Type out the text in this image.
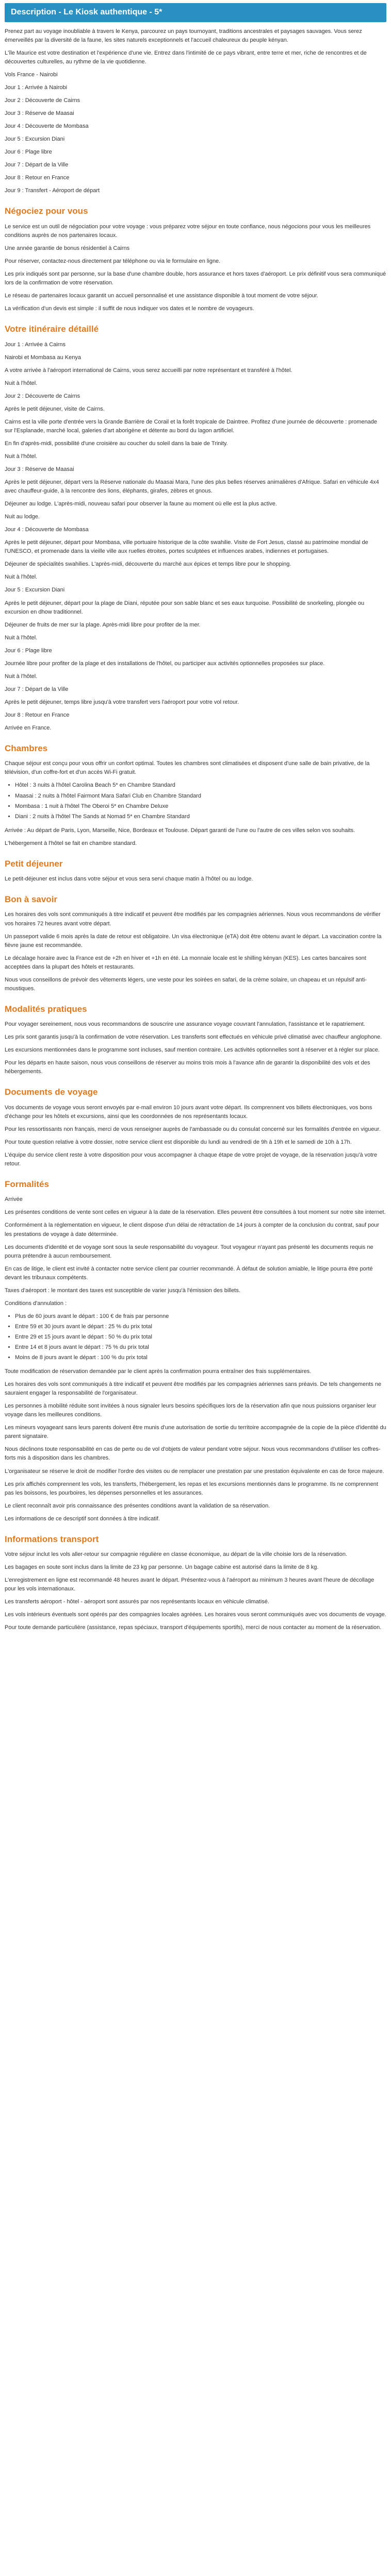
Description - Le Kiosk authentique - 5*

Prenez part au voyage inoubliable à travers le Kenya, parcourez un pays tournoyant, traditions ancestrales et paysages sauvages. Vous serez émerveillés par la diversité de la faune, les sites naturels exceptionnels et l'accueil chaleureux du peuple kényan.

L'île Maurice est votre destination et l'expérience d'une vie. Entrez dans l'intimité de ce pays vibrant, entre terre et mer, riche de rencontres et de découvertes culturelles, au rythme de la vie quotidienne.

Vols France - Nairobi

Jour 1 : Arrivée à Nairobi

Jour 2 : Découverte de Cairns

Jour 3 : Réserve de Maasai

Jour 4 : Découverte de Mombasa

Jour 5 : Excursion Diani

Jour 6 : Plage libre

Jour 7 : Départ de la Ville

Jour 8 : Retour en France

Jour 9 : Transfert - Aéroport de départ

Négociez pour vous

Le service est un outil de négociation pour votre voyage : vous préparez votre séjour en toute confiance, nous négocions pour vous les meilleures conditions auprès de nos partenaires locaux.

Une année garantie de bonus résidentiel à Cairns

Pour réserver, contactez-nous directement par téléphone ou via le formulaire en ligne.

Les prix indiqués sont par personne, sur la base d'une chambre double, hors assurance et hors taxes d'aéroport. Le prix définitif vous sera communiqué lors de la confirmation de votre réservation.

Le réseau de partenaires locaux garantit un accueil personnalisé et une assistance disponible à tout moment de votre séjour.

La vérification d'un devis est simple : il suffit de nous indiquer vos dates et le nombre de voyageurs.

Votre itinéraire détaillé

Jour 1 : Arrivée à Cairns

Nairobi et Mombasa au Kenya

A votre arrivée à l'aéroport international de Cairns, vous serez accueilli par notre représentant et transféré à l'hôtel.

Nuit à l'hôtel.

Jour 2 : Découverte de Cairns

Après le petit déjeuner, visite de Cairns.

Cairns est la ville porte d'entrée vers la Grande Barrière de Corail et la forêt tropicale de Daintree. Profitez d'une journée de découverte : promenade sur l'Esplanade, marché local, galeries d'art aborigène et détente au bord du lagon artificiel.

En fin d'après-midi, possibilité d'une croisière au coucher du soleil dans la baie de Trinity.

Nuit à l'hôtel.

Jour 3 : Réserve de Maasai

Après le petit déjeuner, départ vers la Réserve nationale du Maasai Mara, l'une des plus belles réserves animalières d'Afrique. Safari en véhicule 4x4 avec chauffeur-guide, à la rencontre des lions, éléphants, girafes, zèbres et gnous.

Déjeuner au lodge. L'après-midi, nouveau safari pour observer la faune au moment où elle est la plus active.

Nuit au lodge.

Jour 4 : Découverte de Mombasa

Après le petit déjeuner, départ pour Mombasa, ville portuaire historique de la côte swahilie. Visite de Fort Jesus, classé au patrimoine mondial de l'UNESCO, et promenade dans la vieille ville aux ruelles étroites, portes sculptées et influences arabes, indiennes et portugaises.

Déjeuner de spécialités swahilies. L'après-midi, découverte du marché aux épices et temps libre pour le shopping.

Nuit à l'hôtel.

Jour 5 : Excursion Diani

Après le petit déjeuner, départ pour la plage de Diani, réputée pour son sable blanc et ses eaux turquoise. Possibilité de snorkeling, plongée ou excursion en dhow traditionnel.

Déjeuner de fruits de mer sur la plage. Après-midi libre pour profiter de la mer.

Nuit à l'hôtel.

Jour 6 : Plage libre

Journée libre pour profiter de la plage et des installations de l'hôtel, ou participer aux activités optionnelles proposées sur place.

Nuit à l'hôtel.

Jour 7 : Départ de la Ville

Après le petit déjeuner, temps libre jusqu'à votre transfert vers l'aéroport pour votre vol retour.

Jour 8 : Retour en France

Arrivée en France.

Chambres

Chaque séjour est conçu pour vous offrir un confort optimal. Toutes les chambres sont climatisées et disposent d'une salle de bain privative, de la télévision, d'un coffre-fort et d'un accès Wi-Fi gratuit.

• Hôtel : 3 nuits à l'hôtel Carolina Beach 5* en Chambre Standard
• Maasai : 2 nuits à l'hôtel Fairmont Mara Safari Club en Chambre Standard
• Mombasa : 1 nuit à l'hôtel The Oberoi 5* en Chambre Deluxe
• Diani : 2 nuits à l'hôtel The Sands at Nomad 5* en Chambre Standard

Arrivée : Au départ de Paris, Lyon, Marseille, Nice, Bordeaux et Toulouse. Départ garanti de l'une ou l'autre de ces villes selon vos souhaits.

L'hébergement à l'hôtel se fait en chambre standard.

Petit déjeuner

Le petit-déjeuner est inclus dans votre séjour et vous sera servi chaque matin à l'hôtel ou au lodge.

Bon à savoir

Les horaires des vols sont communiqués à titre indicatif et peuvent être modifiés par les compagnies aériennes. Nous vous recommandons de vérifier vos horaires 72 heures avant votre départ.

Un passeport valide 6 mois après la date de retour est obligatoire. Un visa électronique (eTA) doit être obtenu avant le départ. La vaccination contre la fièvre jaune est recommandée.

Le décalage horaire avec la France est de +2h en hiver et +1h en été. La monnaie locale est le shilling kényan (KES). Les cartes bancaires sont acceptées dans la plupart des hôtels et restaurants.

Nous vous conseillons de prévoir des vêtements légers, une veste pour les soirées en safari, de la crème solaire, un chapeau et un répulsif anti-moustiques.

Modalités pratiques

Pour voyager sereinement, nous vous recommandons de souscrire une assurance voyage couvrant l'annulation, l'assistance et le rapatriement.

Les prix sont garantis jusqu'à la confirmation de votre réservation. Les transferts sont effectués en véhicule privé climatisé avec chauffeur anglophone.

Les excursions mentionnées dans le programme sont incluses, sauf mention contraire. Les activités optionnelles sont à réserver et à régler sur place.

Pour les départs en haute saison, nous vous conseillons de réserver au moins trois mois à l'avance afin de garantir la disponibilité des vols et des hébergements.

Documents de voyage

Vos documents de voyage vous seront envoyés par e-mail environ 10 jours avant votre départ. Ils comprennent vos billets électroniques, vos bons d'échange pour les hôtels et excursions, ainsi que les coordonnées de nos représentants locaux.

Pour les ressortissants non français, merci de vous renseigner auprès de l'ambassade ou du consulat concerné sur les formalités d'entrée en vigueur.

Pour toute question relative à votre dossier, notre service client est disponible du lundi au vendredi de 9h à 19h et le samedi de 10h à 17h.

L'équipe du service client reste à votre disposition pour vous accompagner à chaque étape de votre projet de voyage, de la réservation jusqu'à votre retour.

Formalités

Arrivée

Les présentes conditions de vente sont celles en vigueur à la date de la réservation. Elles peuvent être consultées à tout moment sur notre site internet.

Conformément à la réglementation en vigueur, le client dispose d'un délai de rétractation de 14 jours à compter de la conclusion du contrat, sauf pour les prestations de voyage à date déterminée.

Les documents d'identité et de voyage sont sous la seule responsabilité du voyageur. Tout voyageur n'ayant pas présenté les documents requis ne pourra prétendre à aucun remboursement.

En cas de litige, le client est invité à contacter notre service client par courrier recommandé. À défaut de solution amiable, le litige pourra être porté devant les tribunaux compétents.

Taxes d'aéroport : le montant des taxes est susceptible de varier jusqu'à l'émission des billets.

Conditions d'annulation :

• Plus de 60 jours avant le départ : 100 € de frais par personne
• Entre 59 et 30 jours avant le départ : 25 % du prix total
• Entre 29 et 15 jours avant le départ : 50 % du prix total
• Entre 14 et 8 jours avant le départ : 75 % du prix total
• Moins de 8 jours avant le départ : 100 % du prix total

Toute modification de réservation demandée par le client après la confirmation pourra entraîner des frais supplémentaires.

Les horaires des vols sont communiqués à titre indicatif et peuvent être modifiés par les compagnies aériennes sans préavis. De tels changements ne sauraient engager la responsabilité de l'organisateur.

Les personnes à mobilité réduite sont invitées à nous signaler leurs besoins spécifiques lors de la réservation afin que nous puissions organiser leur voyage dans les meilleures conditions.

Les mineurs voyageant sans leurs parents doivent être munis d'une autorisation de sortie du territoire accompagnée de la copie de la pièce d'identité du parent signataire.

Nous déclinons toute responsabilité en cas de perte ou de vol d'objets de valeur pendant votre séjour. Nous vous recommandons d'utiliser les coffres-forts mis à disposition dans les chambres.

L'organisateur se réserve le droit de modifier l'ordre des visites ou de remplacer une prestation par une prestation équivalente en cas de force majeure.

Les prix affichés comprennent les vols, les transferts, l'hébergement, les repas et les excursions mentionnés dans le programme. Ils ne comprennent pas les boissons, les pourboires, les dépenses personnelles et les assurances.

Le client reconnaît avoir pris connaissance des présentes conditions avant la validation de sa réservation.

Les informations de ce descriptif sont données à titre indicatif.

Informations transport

Votre séjour inclut les vols aller-retour sur compagnie régulière en classe économique, au départ de la ville choisie lors de la réservation.

Les bagages en soute sont inclus dans la limite de 23 kg par personne. Un bagage cabine est autorisé dans la limite de 8 kg.

L'enregistrement en ligne est recommandé 48 heures avant le départ. Présentez-vous à l'aéroport au minimum 3 heures avant l'heure de décollage pour les vols internationaux.

Les transferts aéroport - hôtel - aéroport sont assurés par nos représentants locaux en véhicule climatisé.

Les vols intérieurs éventuels sont opérés par des compagnies locales agréées. Les horaires vous seront communiqués avec vos documents de voyage.

Pour toute demande particulière (assistance, repas spéciaux, transport d'équipements sportifs), merci de nous contacter au moment de la réservation.
